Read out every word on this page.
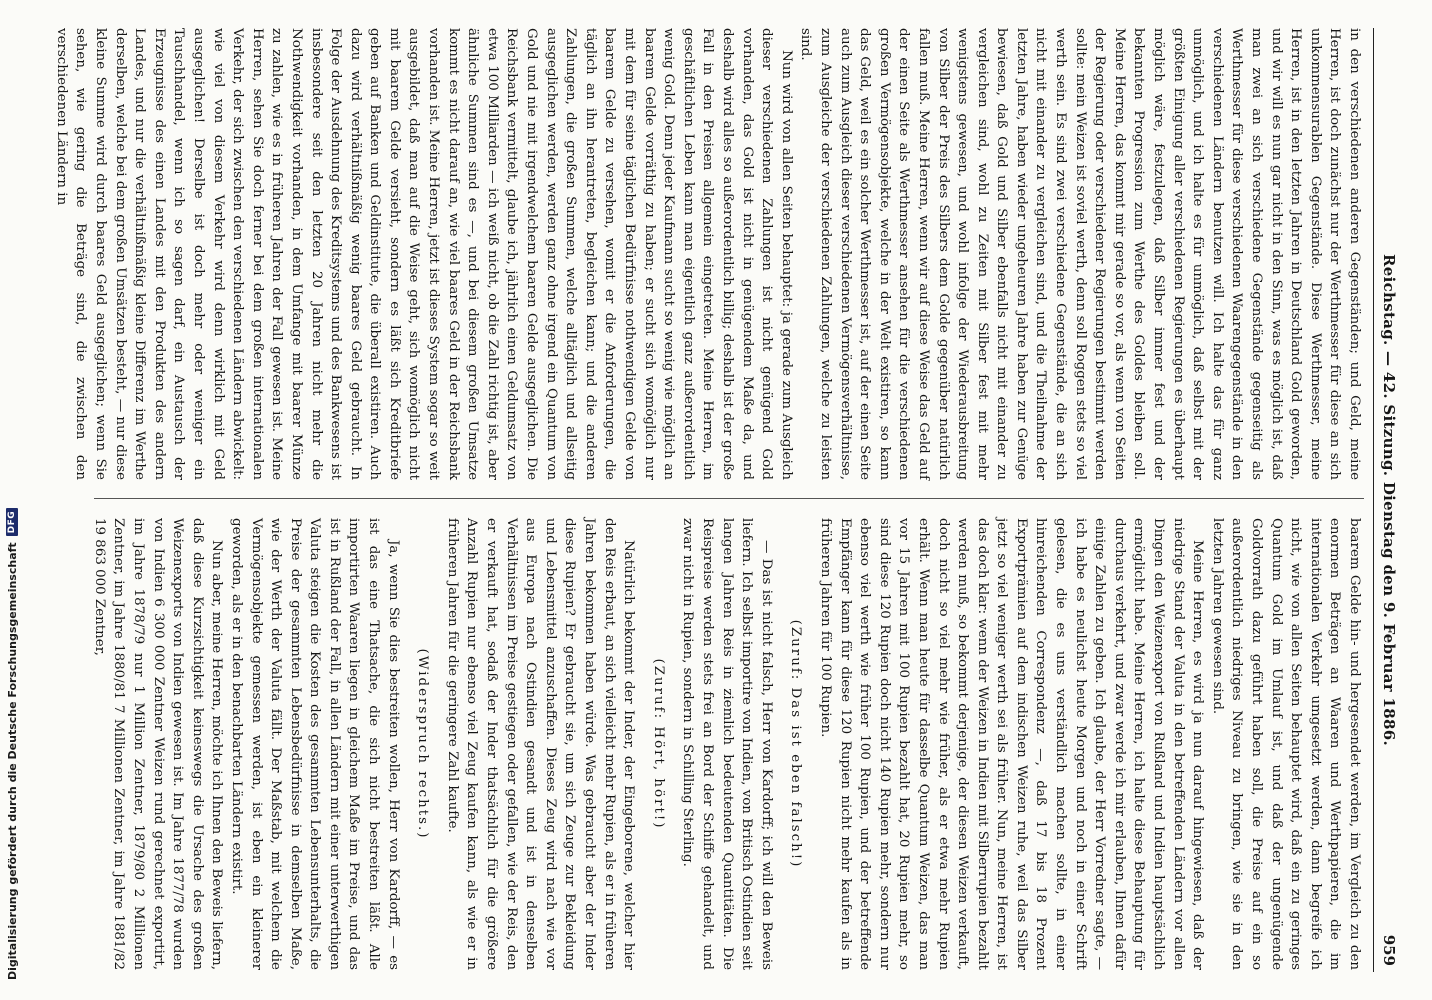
Reichstag. — 42. Sitzung. Dienstag den 9. Februar 1886.
959

in den verschiedenen anderen Gegenständen; und Geld, meine Herren, ist doch zunächst nur der Werthmesser für diese an sich unkommensurablen Gegenstände. Diese Werthmesser, meine Herren, ist in den letzten Jahren in Deutschland Gold geworden, und wir will es nun gar nicht in den Sinn, was es möglich ist, daß man zwei an sich verschiedene Gegenstände gegenseitig als Werthmesser für diese verschiedenen Waarengegenstände in den verschiedenen Ländern benutzen will. Ich halte das für ganz unmöglich, und ich halte es für unmöglich, daß selbst mit der größten Einigung aller verschiedenen Regierungen es überhaupt möglich wäre, festzulegen, daß Silber immer fest und der bekannten Progression zum Werthe des Goldes bleiben soll. Meine Herren, das kommt mir gerade so vor, als wenn von Seiten der Regierung oder verschiedener Regierungen bestimmt werden sollte: mein Weizen ist soviel werth, denn soll Roggen stets so viel werth sein. Es sind zwei verschiedene Gegenstände, die an sich nicht mit einander zu vergleichen sind, und die Theilnahme der letzten Jahre, haben wieder ungeheuren Jahre haben zur Genüge bewiesen, daß Gold und Silber ebenfalls nicht mit einander zu vergleichen sind, wohl zu Zeiten mit Silber fest mit mehr wenigstens gewesen, und wohl infolge der Wiederausbreitung von Silber der Preis des Silbers dem Golde gegenüber natürlich fallen muß. Meine Herren, wenn wir auf diese Weise das Geld auf der einen Seite als Werthmesser ansehen für die verschiedenen großen Vermögensobjekte, welche in der Welt existiren, so kann das Geld, weil es ein solcher Werthmesser ist, auf der einen Seite auch zum Ausgleich dieser verschiedenen Vermögensverhältnisse, zum Ausgleiche der verschiedenen Zahlungen, welche zu leisten sind.

Nun wird von allen Seiten behauptet: ja gerade zum Ausgleich dieser verschiedenen Zahlungen ist nicht genügend Gold vorhanden, das Gold ist nicht in genügendem Maße da, und deshalb wird alles so außerordentlich billig; deshalb ist der große Fall in den Preisen allgemein eingetreten. Meine Herren, im geschäftlichen Leben kann man eigentlich ganz außerordentlich wenig Gold. Denn jeder Kaufmann sucht so wenig wie möglich an baarem Gelde vorräthig zu haben; er sucht sich womöglich nur mit dem für seine täglichen Bedürfnisse nothwendigen Gelde von baarem Gelde zu versehen, womit er die Anforderungen, die täglich an ihn herantreten, begleichen kann; und die anderen Zahlungen, die großen Summen, welche alltäglich und allseitig ausgeglichen werden, werden ganz ohne irgend ein Quantum von Gold und nie mit irgendwelchem baaren Gelde ausgeglichen. Die Reichsbank vermittelt, glaube ich, jährlich einen Geldumsatz von etwa 100 Milliarden — ich weiß nicht, ob die Zahl richtig ist, aber ähnliche Summen sind es —, und bei diesem großen Umsatze kommt es nicht darauf an, wie viel baares Geld in der Reichsbank vorhanden ist. Meine Herren, jetzt ist dieses System sogar so weit ausgebildet, daß man auf die Weise geht, sich womöglich nicht mit baarem Gelde versieht, sondern es läßt sich Kreditbriefe geben auf Banken und Geldinstitute, die überall existiren. Auch dazu wird verhältnißmäßig wenig baares Geld gebraucht. In Folge der Ausdehnung des Kreditsystems und des Bankwesens ist insbesondere seit den letzten 20 Jahren nicht mehr die Nothwendigkeit vorhanden, in dem Umfange mit baarer Münze zu zahlen, wie es in früheren Jahren der Fall gewesen ist. Meine Herren, sehen Sie doch ferner bei dem großen internationalen Verkehr, der sich zwischen den verschiedenen Ländern abwickelt: wie viel von diesem Verkehr wird denn wirklich mit Geld ausgeglichen! Derselbe ist doch mehr oder weniger ein Tauschhandel, wenn ich so sagen darf, ein Austausch der Erzeugnisse des einen Landes mit den Produkten des andern Landes, und nur die verhältnißmäßig kleine Differenz im Werthe derselben, welche bei dem großen Umsätzen besteht, — nur diese kleine Summe wird durch baares Geld ausgeglichen; wenn Sie sehen, wie gering die Beträge sind, die zwischen den verschiedenen Ländern in

baarem Gelde hin- und hergesendet werden, im Vergleich zu den enormen Beträgen an Waaren und Werthpapieren, die im internationalen Verkehr umgesetzt werden, dann begreife ich nicht, wie von allen Seiten behauptet wird, daß ein zu geringes Quantum Gold im Umlauf ist, und daß der ungenügende Goldvorrath dazu geführt haben soll, die Preise auf ein so außerordentlich niedriges Niveau zu bringen, wie sie in den letzten Jahren gewesen sind.

Meine Herren, es wird ja nun darauf hingewiesen, daß der niedrige Stand der Valuta in den betreffenden Ländern vor allen Dingen den Weizenexport von Rußland und Indien hauptsächlich ermöglicht habe. Meine Herren, ich halte diese Behauptung für durchaus verkehrt, und zwar werde ich mir erlauben, Ihnen dafür einige Zahlen zu geben. Ich glaube, der Herr Vorredner sagte, — ich habe es neulichst heute Morgen und noch in einer Schrift gelesen, die es uns verständlich machen sollte, in einer hinreichenden Correspondenz —, daß 17 bis 18 Prozent Exportprämien auf dem indischen Weizen ruhe, weil das Silber jetzt so viel weniger werth sei als früher. Nun, meine Herren, ist das doch klar: wenn der Weizen in Indien mit Silberrupien bezahlt werden muß, so bekommt derjenige, der diesen Weizen verkauft, doch nicht so viel mehr wie früher, als er etwa mehr Rupien erhält. Wenn man heute für dasselbe Quantum Weizen, das man vor 15 Jahren mit 100 Rupien bezahlt hat, 20 Rupien mehr, so sind diese 120 Rupien doch nicht 140 Rupien mehr, sondern nur ebenso viel werth wie früher 100 Rupien, und der betreffende Empfänger kann für diese 120 Rupien nicht mehr kaufen als in früheren Jahren für 100 Rupien.

(Zuruf: Das ist eben falsch!)

— Das ist nicht falsch, Herr von Kardorff; ich will den Beweis liefern. Ich selbst importire von Indien, von Britisch Ostindien seit langen Jahren Reis in ziemlich bedeutenden Quantitäten. Die Reispreise werden stets frei an Bord der Schiffe gehandelt, und zwar nicht in Rupien, sondern in Schilling Sterling.

(Zuruf: Hört, hört!)

Natürlich bekommt der Inder, der Eingeborene, welcher hier den Reis erbaut, an sich vielleicht mehr Rupien, als er in früheren Jahren bekommen haben würde. Was gebraucht aber der Inder diese Rupien? Er gebraucht sie, um sich Zeuge zur Bekleidung und Lebensmittel anzuschaffen. Dieses Zeug wird nach wie vor aus Europa nach Ostindien gesandt und ist in denselben Verhältnissen im Preise gestiegen oder gefallen, wie der Reis, den er verkauft hat, sodaß der Inder thatsächlich für die größere Anzahl Rupien nur ebenso viel Zeug kaufen kann, als wie er in früheren Jahren für die geringere Zahl kaufte.

(Widerspruch rechts.)

Ja, wenn Sie dies bestreiten wollen, Herr von Kardorff, — es ist das eine Thatsache, die sich nicht bestreiten läßt. Alle importirten Waaren liegen in gleichem Maße im Preise, und das ist in Rußland der Fall, in allen Ländern mit einer unterwerthigen Valuta steigen die Kosten des gesammten Lebensunterhalts, die Preise der gesammten Lebensbedürfnisse in demselben Maße, wie der Werth der Valuta fällt. Der Maßstab, mit welchem die Vermögensobjekte gemessen werden, ist eben ein kleinerer geworden, als er in den benachbarten Ländern existirt.

Nun aber, meine Herren, möchte ich Ihnen den Beweis liefern, daß diese Kurzsichtigkeit keineswegs die Ursache des großen Weizenexports von Indien gewesen ist. Im Jahre 1877/78 wurden von Indien 6 300 000 Zentner Weizen rund gerechnet exportirt, im Jahre 1878/79 nur 1 Million Zentner, 1879/80 2 Millionen Zentner, im Jahre 1880/81 7 Millionen Zentner, im Jahre 1881/82 19 863 000 Zentner,

Digitalisierung gefördert durch die Deutsche Forschungsgemeinschaft
DFG
